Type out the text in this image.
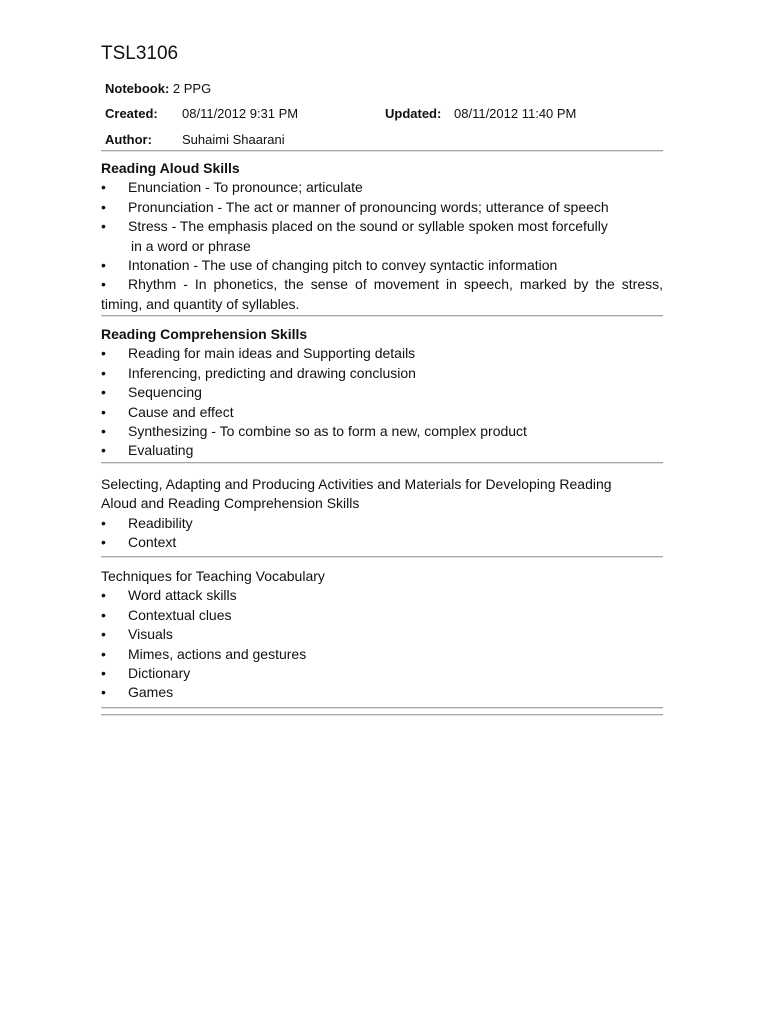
TSL3106
Notebook: 2 PPG
Created: 08/11/2012 9:31 PM	Updated: 08/11/2012 11:40 PM
Author: Suhaimi Shaarani
Reading Aloud Skills
• Enunciation - To pronounce; articulate
• Pronunciation - The act or manner of pronouncing words; utterance of speech
• Stress - The emphasis placed on the sound or syllable spoken most forcefully
in a word or phrase
• Intonation - The use of changing pitch to convey syntactic information
• Rhythm - In phonetics, the sense of movement in speech, marked by the stress, timing, and quantity of syllables.
Reading Comprehension Skills
• Reading for main ideas and Supporting details
• Inferencing, predicting and drawing conclusion
• Sequencing
• Cause and effect
• Synthesizing - To combine so as to form a new, complex product
• Evaluating
Selecting, Adapting and Producing Activities and Materials for Developing Reading Aloud and Reading Comprehension Skills
• Readibility
• Context
Techniques for Teaching Vocabulary
• Word attack skills
• Contextual clues
• Visuals
• Mimes, actions and gestures
• Dictionary
• Games
